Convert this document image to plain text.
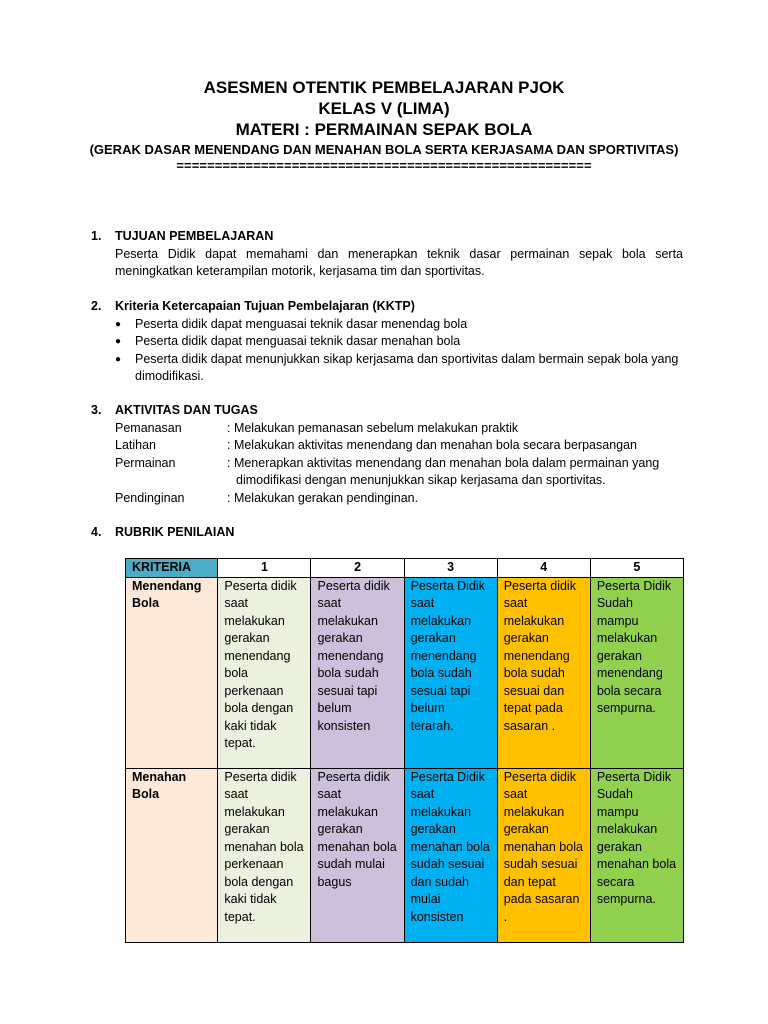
ASESMEN OTENTIK PEMBELAJARAN PJOK
KELAS V (LIMA)
MATERI : PERMAINAN SEPAK BOLA
(GERAK DASAR MENENDANG DAN MENAHAN BOLA SERTA KERJASAMA DAN SPORTIVITAS)
======================================================
1.	TUJUAN PEMBELAJARAN
Peserta Didik dapat memahami dan menerapkan teknik dasar permainan sepak bola serta meningkatkan keterampilan motorik, kerjasama tim dan sportivitas.
2.	Kriteria Ketercapaian Tujuan Pembelajaran (KKTP)
●	Peserta didik dapat menguasai teknik dasar menendag bola
●	Peserta didik dapat menguasai teknik dasar menahan bola
●	Peserta didik dapat menunjukkan sikap kerjasama dan sportivitas dalam bermain sepak bola yang dimodifikasi.
3.	AKTIVITAS DAN TUGAS
Pemanasan	: Melakukan pemanasan sebelum melakukan praktik
Latihan	: Melakukan aktivitas menendang dan menahan bola secara berpasangan
Permainan	: Menerapkan aktivitas menendang dan menahan bola dalam permainan yang
dimodifikasi dengan menunjukkan sikap kerjasama dan sportivitas.
Pendinginan	: Melakukan gerakan pendinginan.
4.	RUBRIK PENILAIAN
KRITERIA	1	2	3	4	5
Menendang Bola	Peserta didik saat melakukan gerakan menendang bola perkenaan bola dengan kaki tidak tepat.	Peserta didik saat melakukan gerakan menendang bola sudah sesuai tapi belum konsisten	Peserta Didik saat melakukan gerakan menendang bola sudah sesuai tapi belum terarah.	Peserta didik saat melakukan gerakan menendang bola sudah sesuai dan tepat pada sasaran .	Peserta Didik Sudah mampu melakukan gerakan menendang bola secara sempurna.
Menahan Bola	Peserta didik saat melakukan gerakan menahan bola perkenaan bola dengan kaki tidak tepat.	Peserta didik saat melakukan gerakan menahan bola sudah mulai bagus	Peserta Didik saat melakukan gerakan menahan bola sudah sesuai dan sudah mulai konsisten	Peserta didik saat melakukan gerakan menahan bola sudah sesuai dan tepat pada sasaran .	Peserta Didik Sudah mampu melakukan gerakan menahan bola secara sempurna.
